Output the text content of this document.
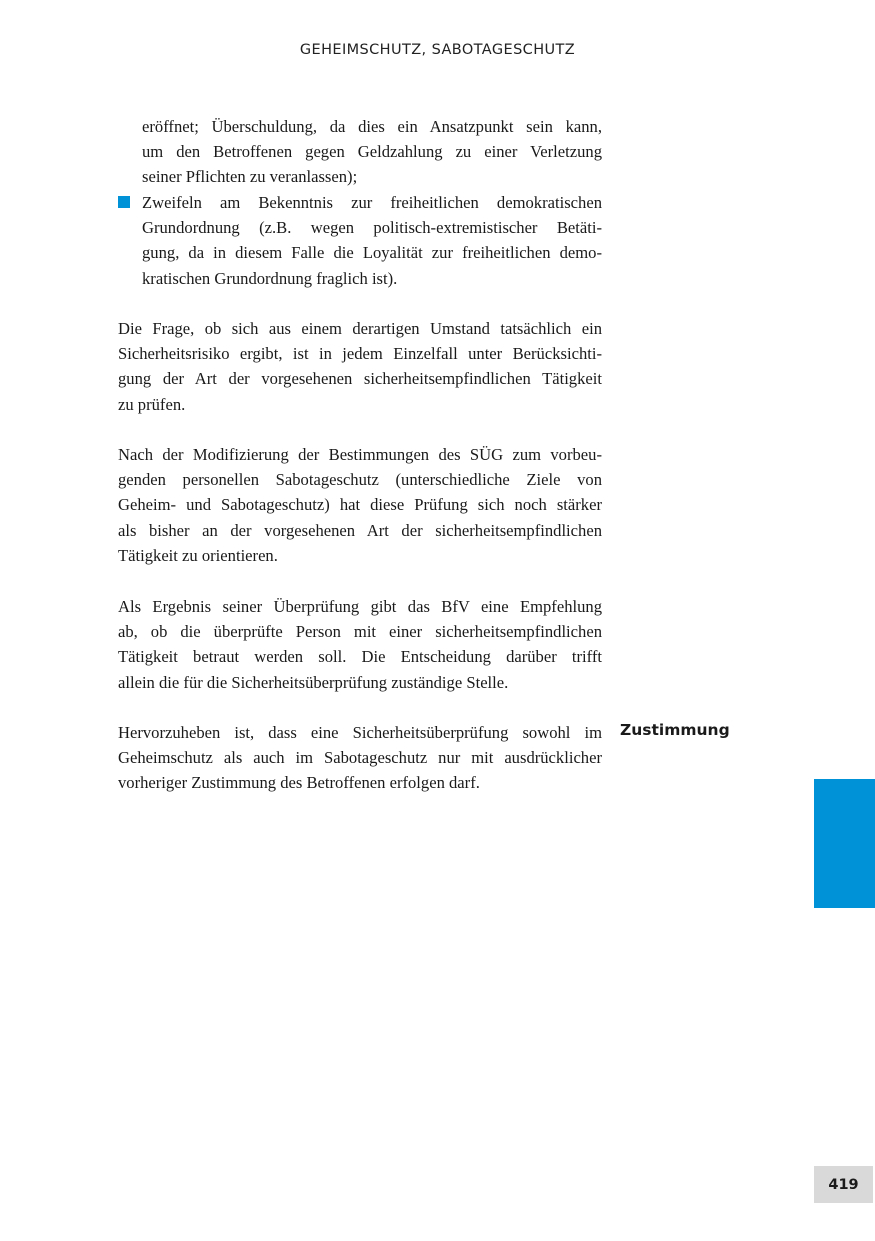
GEHEIMSCHUTZ, SABOTAGESCHUTZ
eröffnet; Überschuldung, da dies ein Ansatzpunkt sein kann,
um den Betroffenen gegen Geldzahlung zu einer Verletzung
seiner Pflichten zu veranlassen);
Zweifeln am Bekenntnis zur freiheitlichen demokratischen
Grundordnung (z.B. wegen politisch-extremistischer Betäti-
gung, da in diesem Falle die Loyalität zur freiheitlichen demo-
kratischen Grundordnung fraglich ist).
Die Frage, ob sich aus einem derartigen Umstand tatsächlich ein
Sicherheitsrisiko ergibt, ist in jedem Einzelfall unter Berücksichti-
gung der Art der vorgesehenen sicherheitsempfindlichen Tätigkeit
zu prüfen.
Nach der Modifizierung der Bestimmungen des SÜG zum vorbeu-
genden personellen Sabotageschutz (unterschiedliche Ziele von
Geheim- und Sabotageschutz) hat diese Prüfung sich noch stärker
als bisher an der vorgesehenen Art der sicherheitsempfindlichen
Tätigkeit zu orientieren.
Als Ergebnis seiner Überprüfung gibt das BfV eine Empfehlung
ab, ob die überprüfte Person mit einer sicherheitsempfindlichen
Tätigkeit betraut werden soll. Die Entscheidung darüber trifft
allein die für die Sicherheitsüberprüfung zuständige Stelle.
Hervorzuheben ist, dass eine Sicherheitsüberprüfung sowohl im
Geheimschutz als auch im Sabotageschutz nur mit ausdrücklicher
vorheriger Zustimmung des Betroffenen erfolgen darf.
Zustimmung
419
